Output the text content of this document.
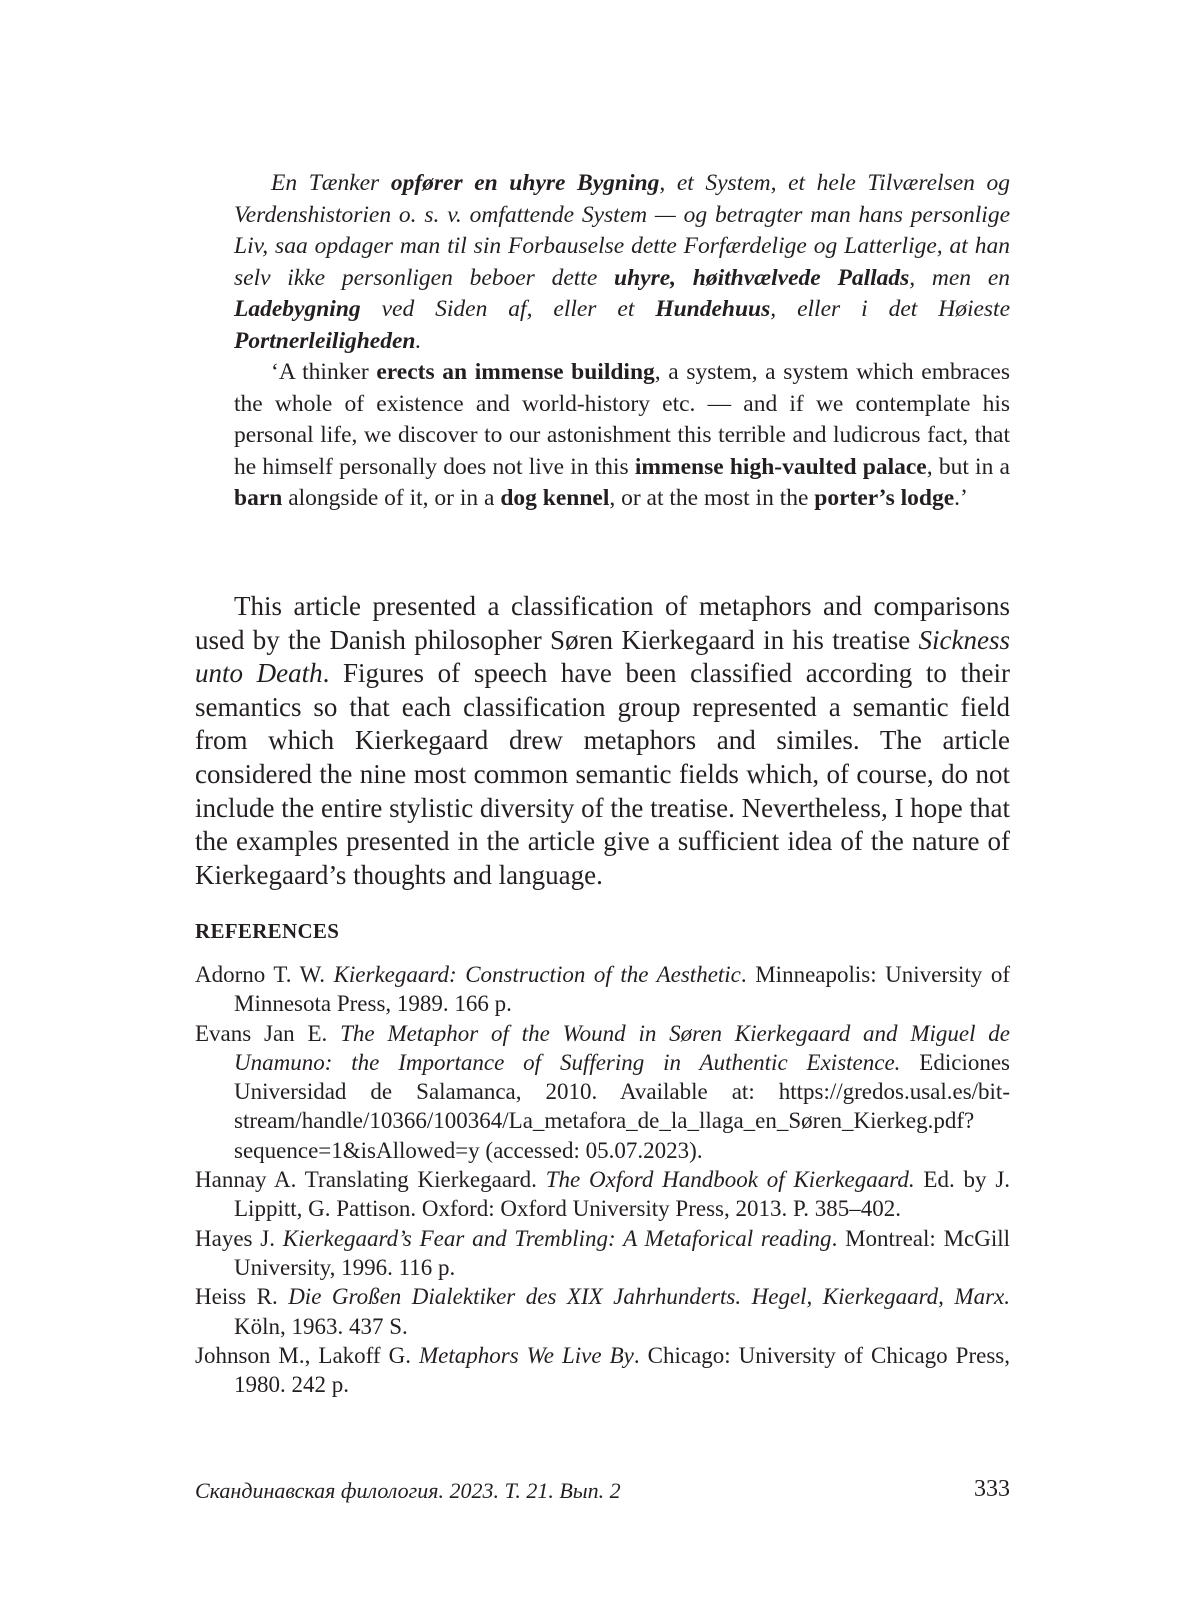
En Tænker opfører en uhyre Bygning, et System, et hele Tilværelsen og Verdenshistorien o. s. v. omfattende System — og betragter man hans personlige Liv, saa opdager man til sin Forbauselse dette Forfærdelige og Latterlige, at han selv ikke personligen beboer dette uhyre, høithvælvede Pallads, men en Ladebygning ved Siden af, eller et Hundehuus, eller i det Høieste Portnerleiligheden.

‘A thinker erects an immense building, a system, a system which embraces the whole of existence and world-history etc. — and if we contemplate his personal life, we discover to our astonishment this terrible and ludicrous fact, that he himself personally does not live in this immense high-vaulted palace, but in a barn alongside of it, or in a dog kennel, or at the most in the porter’s lodge.’

This article presented a classification of metaphors and comparisons used by the Danish philosopher Søren Kierkegaard in his treatise Sickness unto Death. Figures of speech have been classified according to their semantics so that each classification group represented a semantic field from which Kierkegaard drew metaphors and similes. The article considered the nine most common semantic fields which, of course, do not include the entire stylistic diversity of the treatise. Nevertheless, I hope that the examples presented in the article give a sufficient idea of the nature of Kierkegaard’s thoughts and language.

REFERENCES

Adorno T. W. Kierkegaard: Construction of the Aesthetic. Minneapolis: University of Minnesota Press, 1989. 166 p.

Evans Jan E. The Metaphor of the Wound in Søren Kierkegaard and Miguel de Unamuno: the Importance of Suffering in Authentic Existence. Ediciones Universidad de Salamanca, 2010. Available at: https://gredos.usal.es/bitstream/handle/10366/100364/La_metafora_de_la_llaga_en_Søren_Kierkeg.pdf?sequence=1&isAllowed=y (accessed: 05.07.2023).

Hannay A. Translating Kierkegaard. The Oxford Handbook of Kierkegaard. Ed. by J. Lippitt, G. Pattison. Oxford: Oxford University Press, 2013. P. 385–402.

Hayes J. Kierkegaard’s Fear and Trembling: A Metaforical reading. Montreal: McGill University, 1996. 116 p.

Heiss R. Die Großen Dialektiker des XIX Jahrhunderts. Hegel, Kierkegaard, Marx. Köln, 1963. 437 S.

Johnson M., Lakoff G. Metaphors We Live By. Chicago: University of Chicago Press, 1980. 242 p.

Скандинавская филология. 2023. Т. 21. Вып. 2	333
